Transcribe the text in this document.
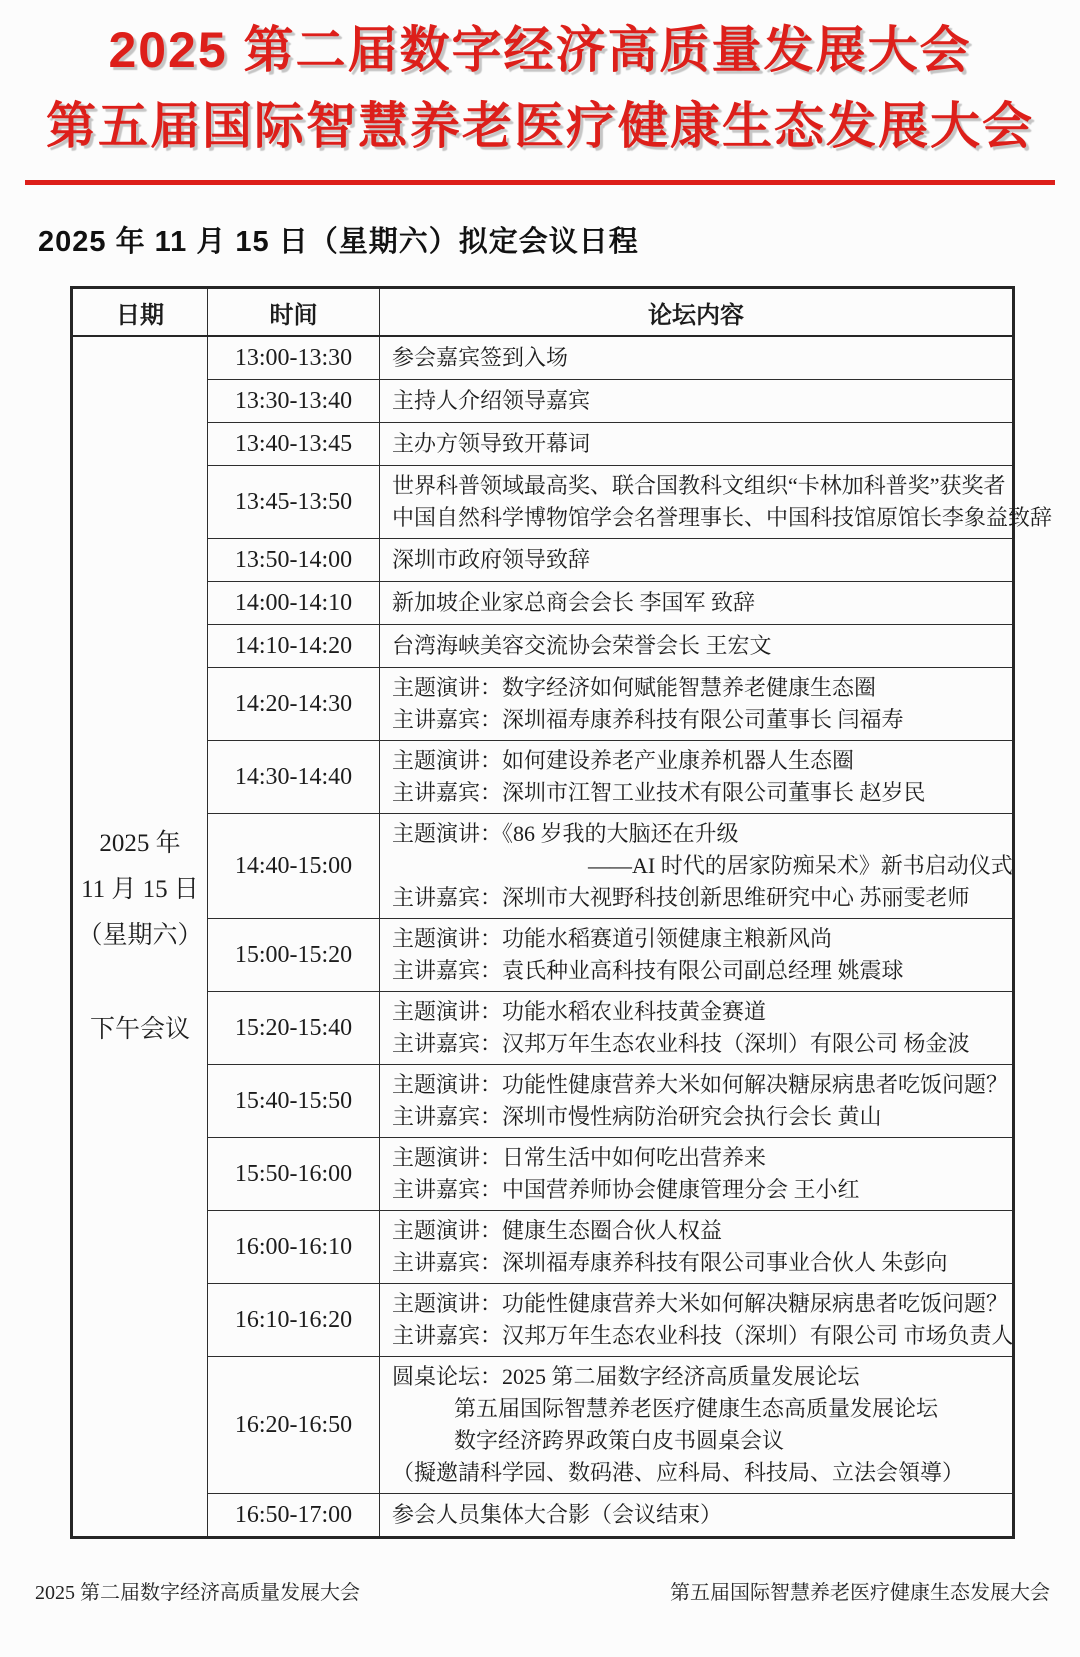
2025 第二届数字经济高质量发展大会
第五届国际智慧养老医疗健康生态发展大会
2025 年 11 月 15 日（星期六）拟定会议日程
日期	时间	论坛内容

2025 年
11 月 15 日
（星期六）
下午会议	13:00-13:30	参会嘉宾签到入场

	13:30-13:40	主持人介绍领导嘉宾

	13:40-13:45	主办方领导致开幕词

	13:45-13:50	世界科普领域最高奖、联合国教科文组织“卡林加科普奖”获奖者
中国自然科学博物馆学会名誉理事长、中国科技馆原馆长李象益致辞

	13:50-14:00	深圳市政府领导致辞

	14:00-14:10	新加坡企业家总商会会长 李国军 致辞

	14:10-14:20	台湾海峡美容交流协会荣誉会长 王宏文

	14:20-14:30	主题演讲：数字经济如何赋能智慧养老健康生态圈
主讲嘉宾：深圳福寿康养科技有限公司董事长 闫福寿

	14:30-14:40	主题演讲：如何建设养老产业康养机器人生态圈
主讲嘉宾：深圳市江智工业技术有限公司董事长 赵岁民

	14:40-15:00	主题演讲：《86 岁我的大脑还在升级
——AI 时代的居家防痴呆术》新书启动仪式
主讲嘉宾：深圳市大视野科技创新思维研究中心 苏丽雯老师

	15:00-15:20	主题演讲：功能水稻赛道引领健康主粮新风尚
主讲嘉宾：袁氏种业高科技有限公司副总经理 姚震球

	15:20-15:40	主题演讲：功能水稻农业科技黄金赛道
主讲嘉宾：汉邦万年生态农业科技（深圳）有限公司 杨金波

	15:40-15:50	主题演讲：功能性健康营养大米如何解决糖尿病患者吃饭问题？
主讲嘉宾：深圳市慢性病防治研究会执行会长 黄山

	15:50-16:00	主题演讲：日常生活中如何吃出营养来
主讲嘉宾：中国营养师协会健康管理分会 王小红

	16:00-16:10	主题演讲：健康生态圈合伙人权益
主讲嘉宾：深圳福寿康养科技有限公司事业合伙人 朱彭向

	16:10-16:20	主题演讲：功能性健康营养大米如何解决糖尿病患者吃饭问题？
主讲嘉宾：汉邦万年生态农业科技（深圳）有限公司 市场负责人

	16:20-16:50	圆桌论坛：2025 第二届数字经济高质量发展论坛
第五届国际智慧养老医疗健康生态高质量发展论坛
数字经济跨界政策白皮书圆桌会议
（擬邀請科学园、数码港、应科局、科技局、立法会領導）

	16:50-17:00	参会人员集体大合影（会议结束）
2025 第二届数字经济高质量发展大会	第五届国际智慧养老医疗健康生态发展大会
